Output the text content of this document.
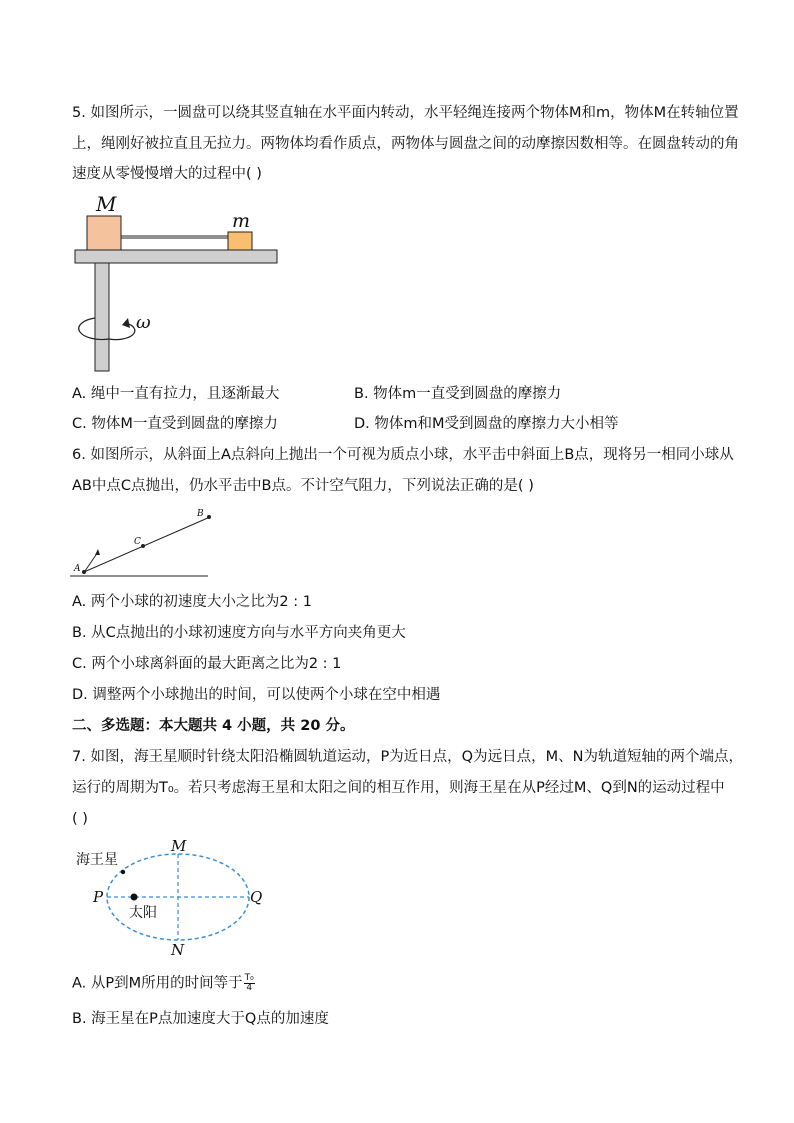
5. 如图所示，一圆盘可以绕其竖直轴在水平面内转动，水平轻绳连接两个物体M和m，物体M在转轴位置
上，绳刚好被拉直且无拉力。两物体均看作质点，两物体与圆盘之间的动摩擦因数相等。在圆盘转动的角
速度从零慢慢增大的过程中( )
M
m
ω
A. 绳中一直有拉力，且逐渐最大	B. 物体m一直受到圆盘的摩擦力
C. 物体M一直受到圆盘的摩擦力	D. 物体m和M受到圆盘的摩擦力大小相等
6. 如图所示，从斜面上A点斜向上抛出一个可视为质点小球，水平击中斜面上B点，现将另一相同小球从
AB中点C点抛出，仍水平击中B点。不计空气阻力，下列说法正确的是( )
A
C
B
A. 两个小球的初速度大小之比为2 : 1
B. 从C点抛出的小球初速度方向与水平方向夹角更大
C. 两个小球离斜面的最大距离之比为2 : 1
D. 调整两个小球抛出的时间，可以使两个小球在空中相遇
二、多选题：本大题共 4 小题，共 20 分。
7. 如图，海王星顺时针绕太阳沿椭圆轨道运动，P为近日点，Q为远日点，M、N为轨道短轴的两个端点，
运行的周期为T₀。若只考虑海王星和太阳之间的相互作用，则海王星在从P经过M、Q到N的运动过程中
( )
海王星
太阳
P	Q
M
N
A. 从P到M所用的时间等于 $\frac{\text{T₀}}{4}$
B. 海王星在P点加速度大于Q点的加速度
